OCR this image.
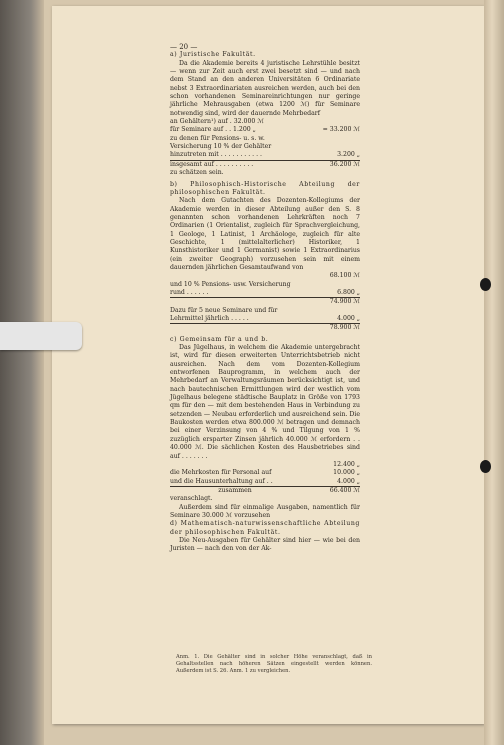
— 20 —

a) Juristische Fakultät.

Da die Akademie bereits 4 juristische Lehrstühle besitzt — wenn zur Zeit auch erst zwei besetzt sind — und nach dem Stand an den anderen Universitäten 6 Ordinariate nebst 3 Extraordinariaten ausreichen werden, auch bei den schon vorhandenen Seminareinrichtungen nur geringe jährliche Mehrausgaben (etwa 1200 ℳ) für Seminare notwendig sind, wird der dauernde Mehrbedarf

an Gehältern¹) auf . 32.000 ℳ
für Seminare auf . . 1.200 „	= 33.200 ℳ
zu denen für Pensions- u. s. w. Versicherung 10 % der Gehälter hinzutreten mit . . . . . . . . . . .	3.200 „
insgesamt auf . . . . . . . . . .	36.200 ℳ

zu schätzen sein.

b) Philosophisch-Historische Abteilung der philosophischen Fakultät.

Nach dem Gutachten des Dozenten-Kollegiums der Akademie werden in dieser Abteilung außer den S. 8 genannten schon vorhandenen Lehrkräften noch 7 Ordinarien (1 Orientalist, zugleich für Sprachvergleichung, 1 Geologe, 1 Latinist, 1 Archäologe, zugleich für alte Geschichte, 1 (mittelalterlicher) Historiker, 1 Kunsthistoriker und 1 Germanist) sowie 1 Extraordinarius (ein zweiter Geograph) vorzusehen sein mit einem dauernden jährlichen Gesamtaufwand von

68.100 ℳ
und 10 % Pensions- usw. Versicherung rund . . . . . .	6.800 „
74.900 ℳ
Dazu für 5 neue Seminare und für Lehrmittel jährlich . . . . .	4.000 „
78.900 ℳ

c) Gemeinsam für a und b.

Das Jügelhaus, in welchem die Akademie untergebracht ist, wird für diesen erweiterten Unterrichtsbetrieb nicht ausreichen. Nach dem vom Dozenten-Kollegium entworfenen Bauprogramm, in welchem auch der Mehrbedarf an Verwaltungsräumen berücksichtigt ist, und nach bautechnischen Ermittlungen wird der westlich vom Jügelhaus belegene städtische Bauplatz in Größe von 1793 qm für den — mit dem bestehenden Haus in Verbindung zu setzenden — Neubau erforderlich und ausreichend sein. Die Baukosten werden etwa 800.000 ℳ betragen und demnach bei einer Verzinsung von 4 % und Tilgung von 1 % zuzüglich ersparter Zinsen jährlich 40.000 ℳ erfordern . . 40.000 ℳ. Die sächlichen Kosten des Hausbetriebes sind auf . . . . . . .

12.400 „
die Mehrkosten für Personal auf	10.000 „
und die Hausunterhaltung auf . .	4.000 „
zusammen	66.400 ℳ

veranschlagt.

Außerdem sind für einmalige Ausgaben, namentlich für Seminare 30.000 ℳ vorzusehen

d) Mathematisch-naturwissenschaftliche Abteilung der philosophischen Fakultät.

Die Neu-Ausgaben für Gehälter sind hier — wie bei den Juristen — nach den von der Ak-

Anm. 1. Die Gehälter sind in solcher Höhe veranschlagt, daß in Gehaltsstellen nach höheren Sätzen eingestellt werden können. Außerdem ist S. 26. Anm. 1 zu vergleichen.
